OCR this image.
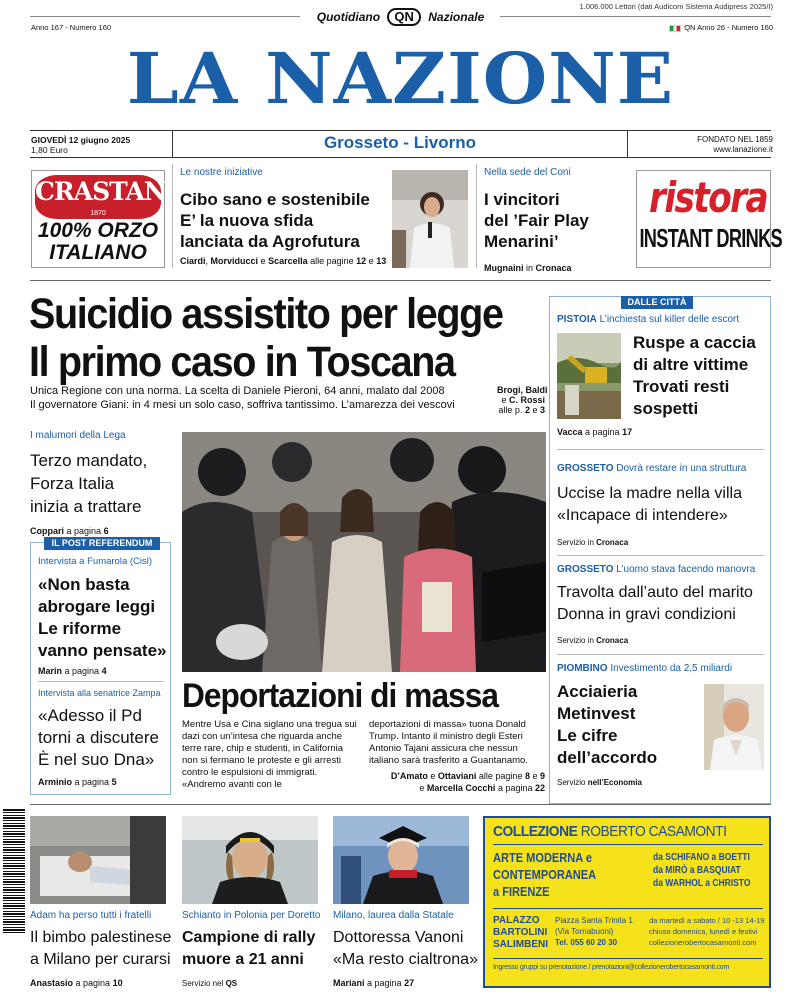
1.006.000 Lettori (dati Audicom Sistema Audipress 2025/I)
Quotidiano QN Nazionale
Anno 167 - Numero 160	QN Anno 26 - Numero 160
LA NAZIONE
GIOVEDÌ 12 giugno 2025
1,80 Euro	Grosseto - Livorno	FONDATO NEL 1859
www.lanazione.it
CRASTAN
1870
100% ORZO
ITALIANO
Le nostre iniziative
Cibo sano e sostenibile
E’ la nuova sfida
lanciata da Agrofutura
Ciardi, Morviducci e Scarcella alle pagine 12 e 13
Nella sede del Coni
I vincitori
del ’Fair Play
Menarini’
Mugnaini in Cronaca
ristora
INSTANT DRINKS
Suicidio assistito per legge
Il primo caso in Toscana
Unica Regione con una norma. La scelta di Daniele Pieroni, 64 anni, malato dal 2008
Il governatore Giani: in 4 mesi un solo caso, soffriva tantissimo. L’amarezza dei vescovi
Brogi, Baldi
e C. Rossi
alle p. 2 e 3
DALLE CITTÀ
PISTOIA L’inchiesta sul killer delle escort
Ruspe a caccia
di altre vittime
Trovati resti
sospetti
Vacca a pagina 17
GROSSETO Dovrà restare in una struttura
Uccise la madre nella villa
«Incapace di intendere»
Servizio in Cronaca
GROSSETO L’uomo stava facendo manovra
Travolta dall’auto del marito
Donna in gravi condizioni
Servizio in Cronaca
PIOMBINO Investimento da 2,5 miliardi
Acciaieria
Metinvest
Le cifre
dell’accordo
Servizio nell’Economia
I malumori della Lega
Terzo mandato,
Forza Italia
inizia a trattare
Coppari a pagina 6
IL POST REFERENDUM
Intervista a Fumarola (Cisl)
«Non basta
abrogare leggi
Le riforme
vanno pensate»
Marin a pagina 4
Intervista alla senatrice Zampa
«Adesso il Pd
torni a discutere
È nel suo Dna»
Arminio a pagina 5
Deportazioni di massa
Mentre Usa e Cina siglano una tregua sui dazi con un’intesa che riguarda anche terre rare, chip e studenti, in California non si fermano le proteste e gli arresti contro le espulsioni di immigrati. «Andremo avanti con le
deportazioni di massa» tuona Donald Trump. Intanto il ministro degli Esteri Antonio Tajani assicura che nessun italiano sarà trasferito a Guantanamo.
D’Amato e Ottaviani alle pagine 8 e 9
e Marcella Cocchi a pagina 22
Adam ha perso tutti i fratelli
Il bimbo palestinese
a Milano per curarsi
Anastasio a pagina 10
Schianto in Polonia per Doretto
Campione di rally
muore a 21 anni
Servizio nel QS
Milano, laurea dalla Statale
Dottoressa Vanoni
«Ma resto cialtrona»
Mariani a pagina 27
COLLEZIONE ROBERTO CASAMONTI
ARTE MODERNA e
CONTEMPORANEA
a FIRENZE
da SCHIFANO a BOETTI
da MIRÒ a BASQUIAT
da WARHOL a CHRISTO
PALAZZO
BARTOLINI
SALIMBENI
Piazza Santa Trinita 1
(Via Tornabuoni)
Tel. 055 60 20 30
da martedì a sabato / 10 -13 14-19
chiuso domenica, lunedì e festivi
collezionerobertocasamonti.com
Ingresso gruppi su prenotazione / prenotazioni@collezionerobertocasamonti.com
